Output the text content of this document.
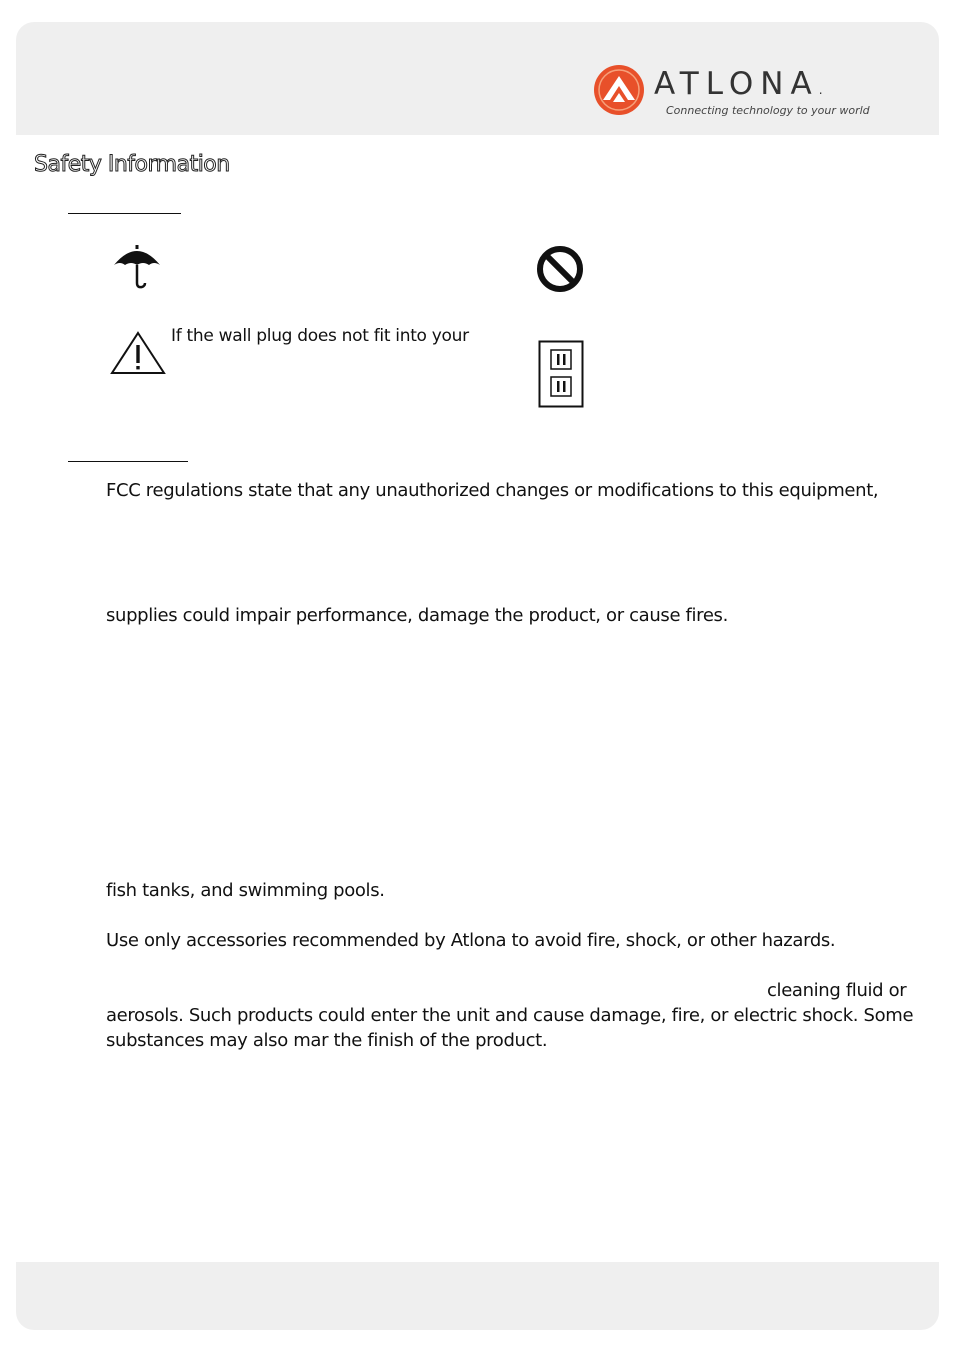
ATLONA.
Connecting technology to your world
Safety Information
If the wall plug does not fit into your
FCC regulations state that any unauthorized changes or modifications to this equipment,
supplies could impair performance, damage the product, or cause fires.
fish tanks, and swimming pools.
Use only accessories recommended by Atlona to avoid fire, shock, or other hazards.
cleaning fluid or
aerosols. Such products could enter the unit and cause damage, fire, or electric shock. Some
substances may also mar the finish of the product.
